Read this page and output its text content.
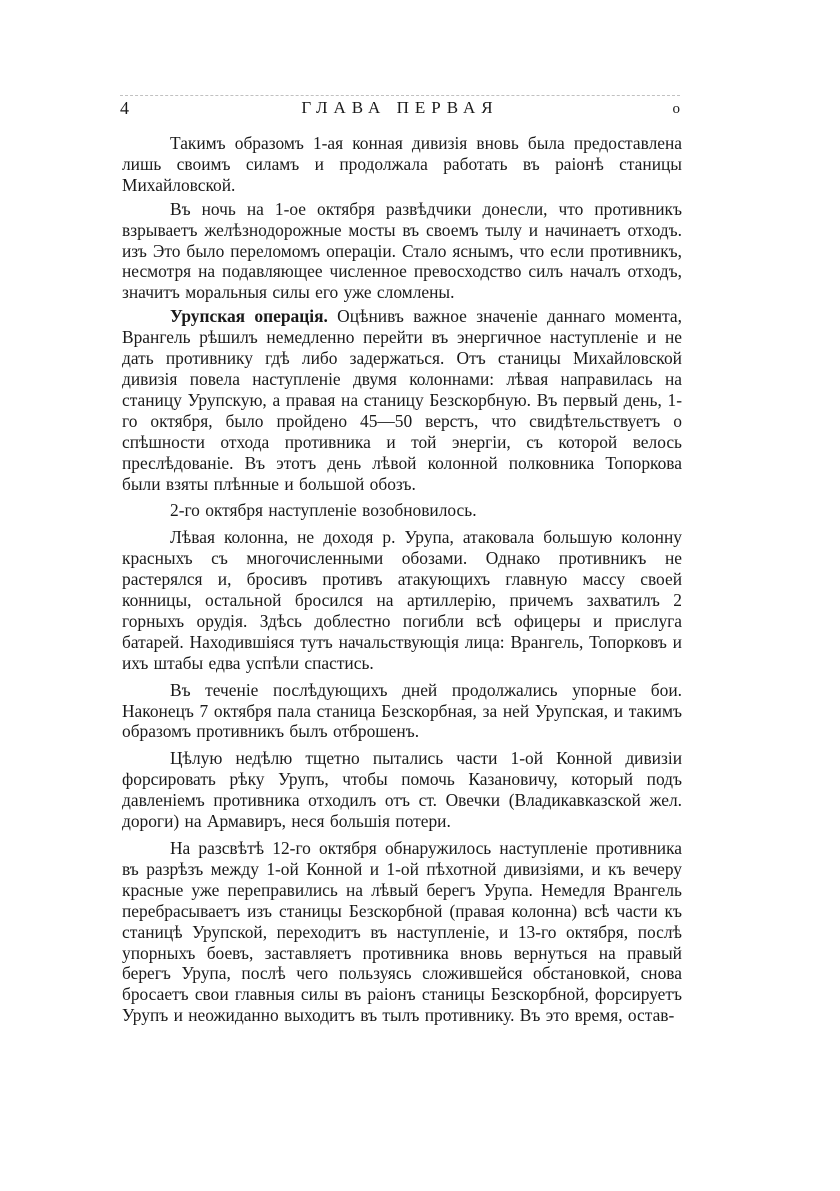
4	ГЛАВА ПЕРВАЯ	о

Такимъ образомъ 1-ая конная дивизія вновь была предоставлена лишь своимъ силамъ и продолжала работать въ раіонѣ станицы Михайловской.

Въ ночь на 1-ое октября развѣдчики донесли, что противникъ взрываетъ желѣзнодорожные мосты въ своемъ тылу и начинаетъ отходъ. изъ Это было переломомъ операціи. Стало яснымъ, что если противникъ, несмотря на подавляющее численное превосходство силъ началъ отходъ, значитъ моральныя силы его уже сломлены.

Урупская операція. Оцѣнивъ важное значеніе даннаго момента, Врангель рѣшилъ немедленно перейти въ энергичное наступленіе и не дать противнику гдѣ либо задержаться. Отъ станицы Михайловской дивизія повела наступленіе двумя колоннами: лѣвая направилась на станицу Урупскую, а правая на станицу Безскорбную. Въ первый день, 1-го октября, было пройдено 45—50 верстъ, что свидѣтельствуетъ о спѣшности отхода противника и той энергіи, съ которой велось преслѣдованіе. Въ этотъ день лѣвой колонной полковника Топоркова были взяты плѣнные и большой обозъ.

2-го октября наступленіе возобновилось.

Лѣвая колонна, не доходя р. Урупа, атаковала большую колонну красныхъ съ многочисленными обозами. Однако противникъ не растерялся и, бросивъ противъ атакующихъ главную массу своей конницы, остальной бросился на артиллерію, причемъ захватилъ 2 горныхъ орудія. Здѣсь доблестно погибли всѣ офицеры и прислуга батарей. Находившіяся тутъ начальствующія лица: Врангель, Топорковъ и ихъ штабы едва успѣли спастись.

Въ теченіе послѣдующихъ дней продолжались упорные бои. Наконецъ 7 октября пала станица Безскорбная, за ней Урупская, и такимъ образомъ противникъ былъ отброшенъ.

Цѣлую недѣлю тщетно пытались части 1-ой Конной дивизіи форсировать рѣку Урупъ, чтобы помочь Казановичу, который подъ давленіемъ противника отходилъ отъ ст. Овечки (Владикавказской жел. дороги) на Армавиръ, неся большія потери.

На разсвѣтѣ 12-го октября обнаружилось наступленіе противника въ разрѣзъ между 1-ой Конной и 1-ой пѣхотной дивизіями, и къ вечеру красные уже переправились на лѣвый берегъ Урупа. Немедля Врангель перебрасываетъ изъ станицы Безскорбной (правая колонна) всѣ части къ станицѣ Урупской, переходитъ въ наступленіе, и 13-го октября, послѣ упорныхъ боевъ, заставляетъ противника вновь вернуться на правый берегъ Урупа, послѣ чего пользуясь сложившейся обстановкой, снова бросаетъ свои главныя силы въ раіонъ станицы Безскорбной, форсируетъ Урупъ и неожиданно выходитъ въ тылъ противнику. Въ это время, остав-
